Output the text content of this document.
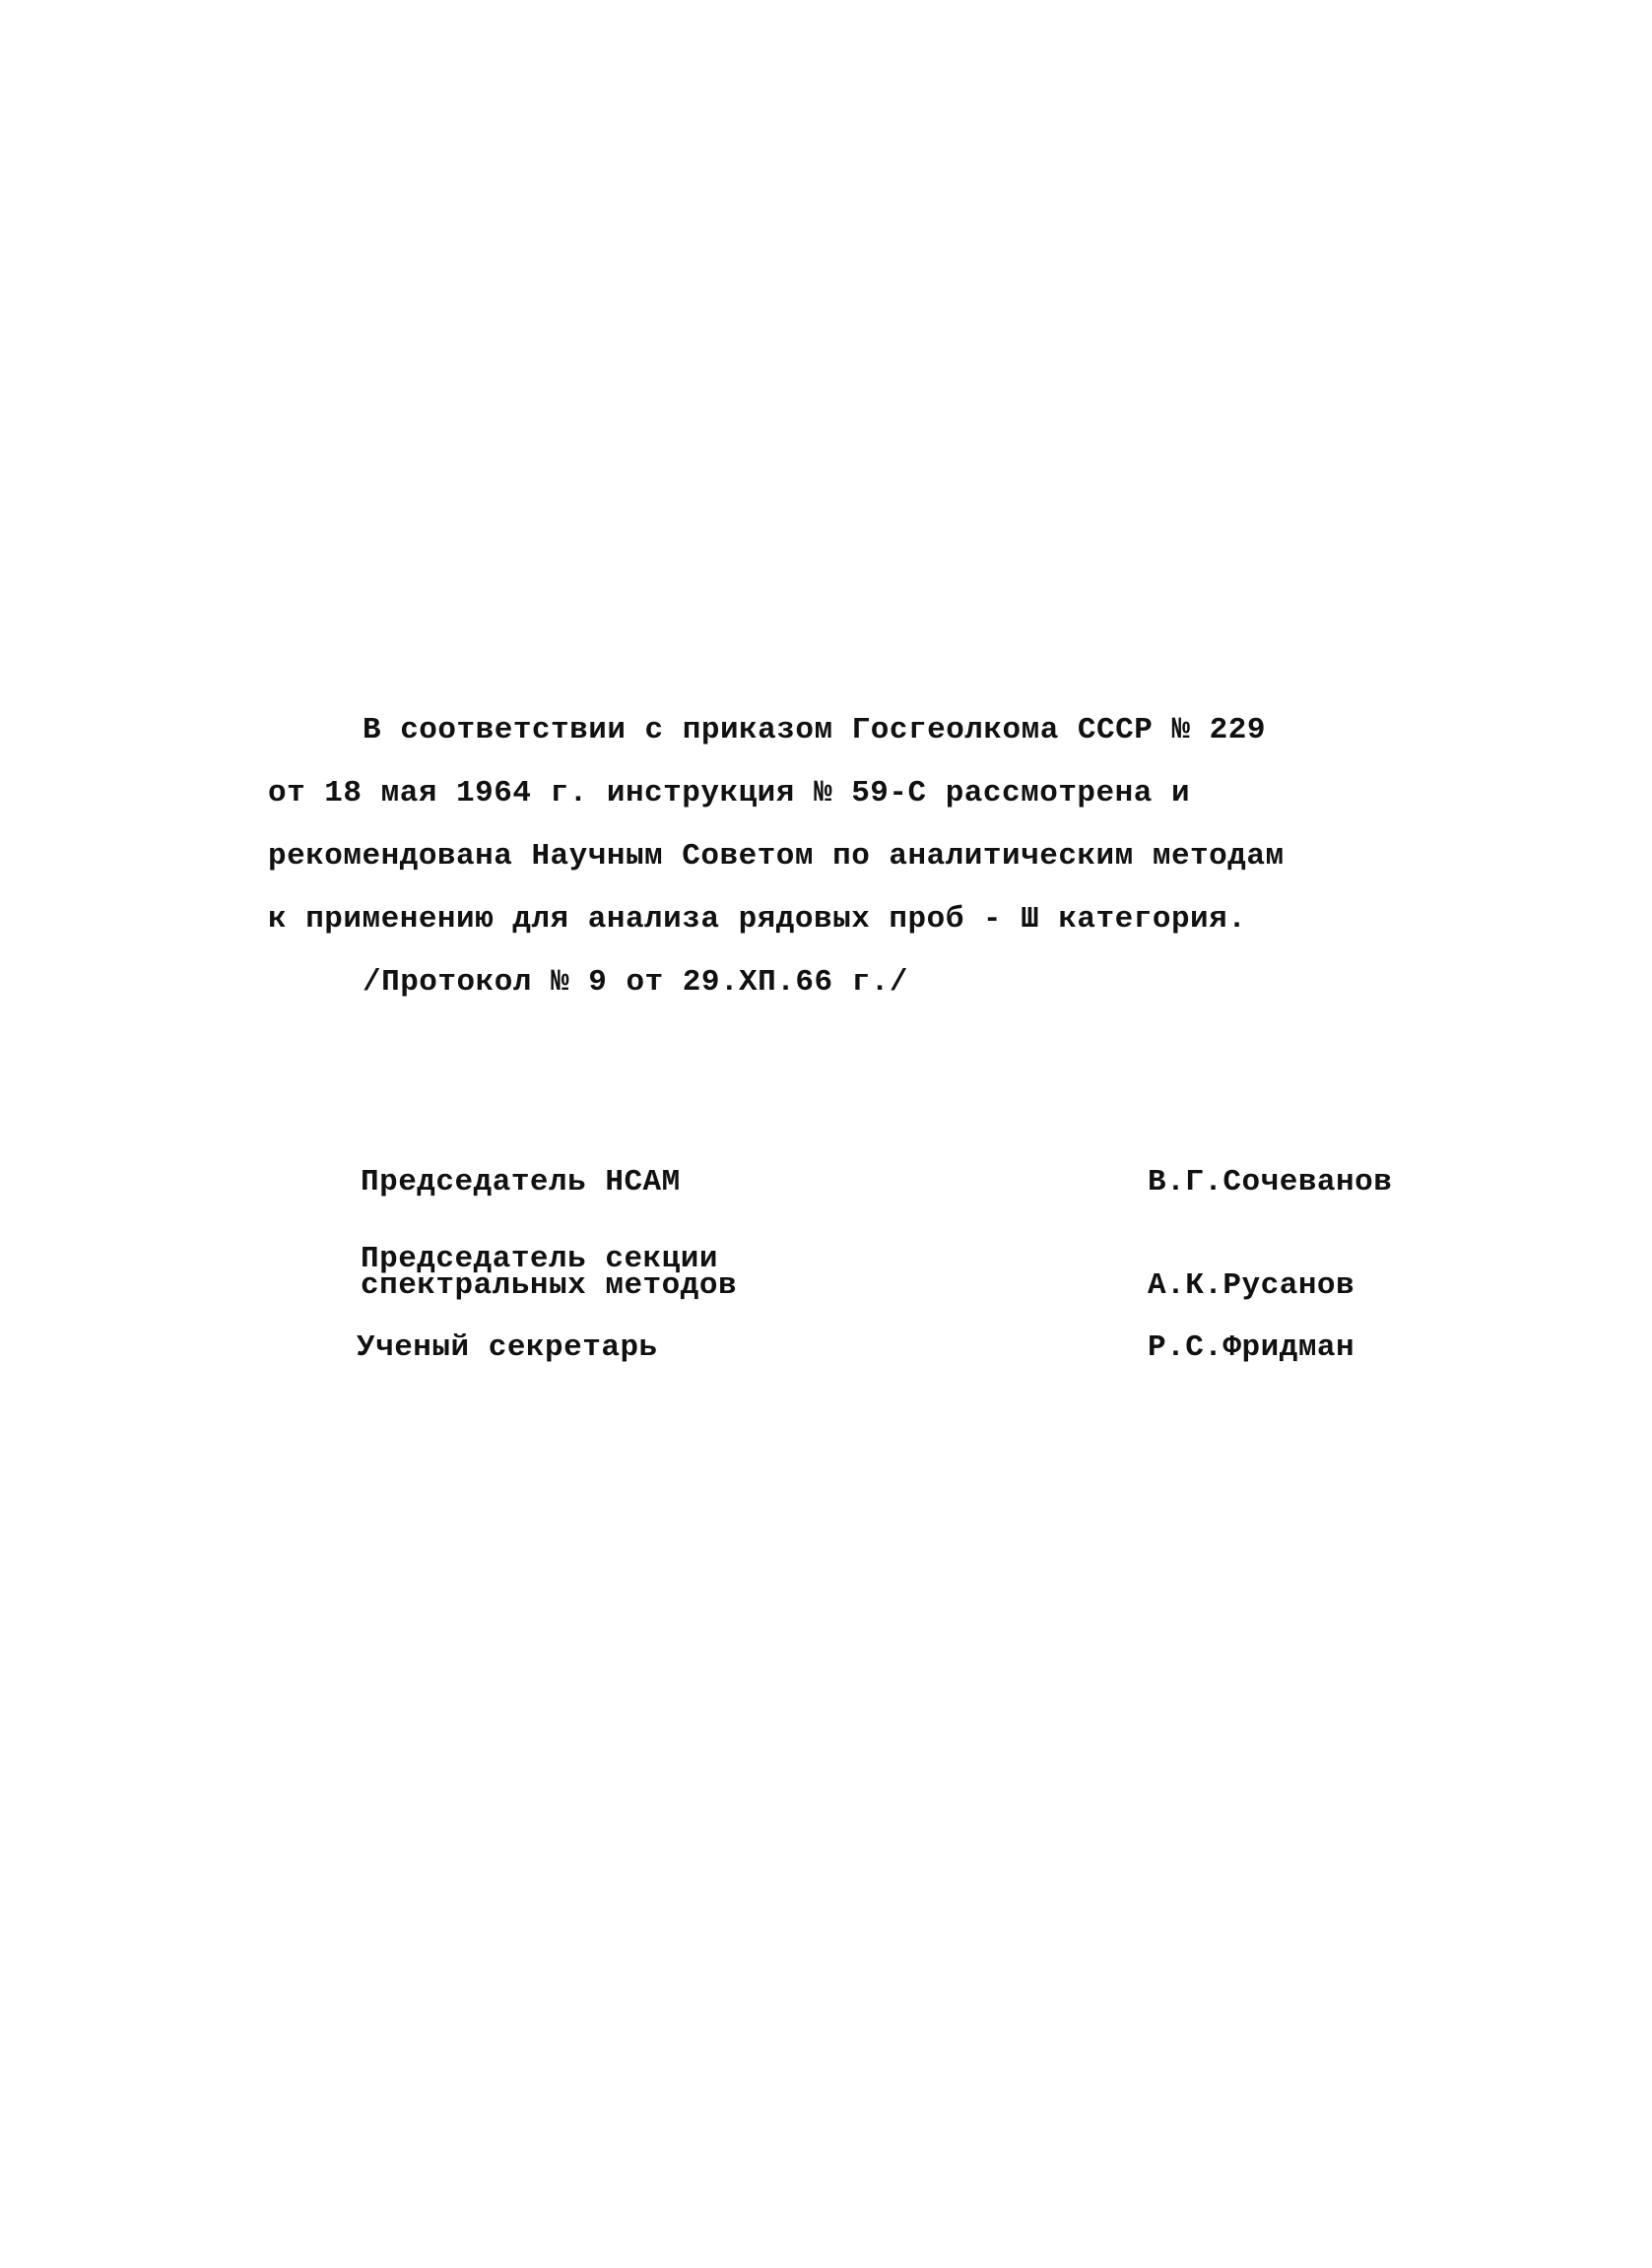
В соответствии с приказом Госгеолкома СССР № 229
от 18 мая 1964 г. инструкция № 59-С рассмотрена и
рекомендована Научным Советом по аналитическим методам
к применению для анализа рядовых проб - Ш категория.
/Протокол № 9 от 29.ХП.66 г./
Председатель НСАМ	В.Г.Сочеванов
Председатель секции
спектральных методов	А.К.Русанов
Ученый секретарь	Р.С.Фридман
